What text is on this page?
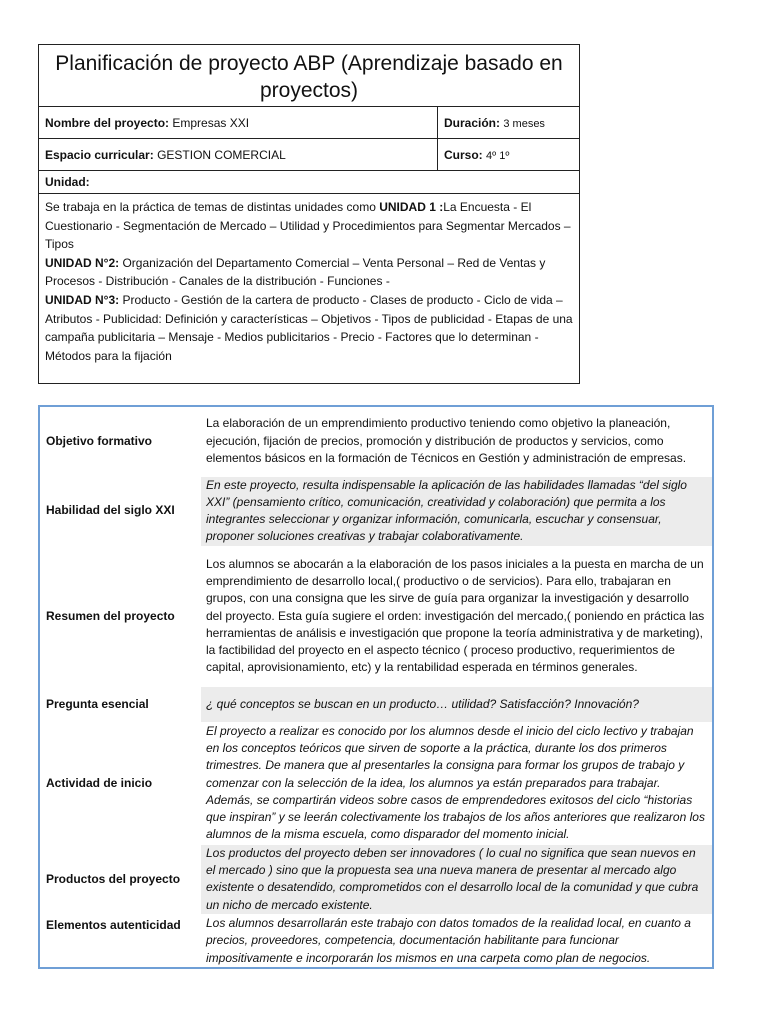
Planificación de proyecto ABP (Aprendizaje basado en proyectos)	
Nombre del proyecto: Empresas XXI	Duración: 3 meses
Espacio curricular: GESTION COMERCIAL	Curso: 4º 1º
Unidad:	
Se trabaja en la práctica de temas de distintas unidades como UNIDAD 1 :La Encuesta - El Cuestionario - Segmentación de Mercado – Utilidad y Procedimientos para Segmentar Mercados – Tipos
UNIDAD N°2: Organización del Departamento Comercial – Venta Personal – Red de Ventas y Procesos - Distribución - Canales de la distribución - Funciones -
UNIDAD N°3: Producto - Gestión de la cartera de producto - Clases de producto - Ciclo de vida – Atributos - Publicidad: Definición y características – Objetivos - Tipos de publicidad - Etapas de una campaña publicitaria – Mensaje - Medios publicitarios - Precio - Factores que lo determinan - Métodos para la fijación	
Objetivo formativo	La elaboración de un emprendimiento productivo teniendo como objetivo la planeación, ejecución, fijación de precios, promoción y distribución de productos y servicios, como elementos básicos en la formación de Técnicos en Gestión y administración de empresas.
Habilidad del siglo XXI	En este proyecto, resulta indispensable la aplicación de las habilidades llamadas “del siglo XXI” (pensamiento crítico, comunicación, creatividad y colaboración) que permita a los integrantes seleccionar y organizar información, comunicarla, escuchar y consensuar, proponer soluciones creativas y trabajar colaborativamente.
Resumen del proyecto	Los alumnos se abocarán a la elaboración de los pasos iniciales a la puesta en marcha de un emprendimiento de desarrollo local,( productivo o de servicios). Para ello, trabajaran en grupos, con una consigna que les sirve de guía para organizar la investigación y desarrollo del proyecto. Esta guía sugiere el orden: investigación del mercado,( poniendo en práctica las herramientas de análisis e investigación que propone la teoría administrativa y de marketing), la factibilidad del proyecto en el aspecto técnico ( proceso productivo, requerimientos de capital, aprovisionamiento, etc) y la rentabilidad esperada en términos generales.
Pregunta esencial	¿ qué conceptos se buscan en un producto… utilidad? Satisfacción? Innovación?
Actividad de inicio	El proyecto a realizar es conocido por los alumnos desde el inicio del ciclo lectivo y trabajan en los conceptos teóricos que sirven de soporte a la práctica, durante los dos primeros trimestres. De manera que al presentarles la consigna para formar los grupos de trabajo y comenzar con la selección de la idea, los alumnos ya están preparados para trabajar. Además, se compartirán videos sobre casos de emprendedores exitosos del ciclo “historias que inspiran” y se leerán colectivamente los trabajos de los años anteriores que realizaron los alumnos de la misma escuela, como disparador del momento inicial.
Productos del proyecto	Los productos del proyecto deben ser innovadores ( lo cual no significa que sean nuevos en el mercado ) sino que la propuesta sea una nueva manera de presentar al mercado algo existente o desatendido, comprometidos con el desarrollo local de la comunidad y que cubra un nicho de mercado existente.
Elementos autenticidad	Los alumnos desarrollarán este trabajo con datos tomados de la realidad local, en cuanto a precios, proveedores, competencia, documentación habilitante para funcionar impositivamente e incorporarán los mismos en una carpeta como plan de negocios.
